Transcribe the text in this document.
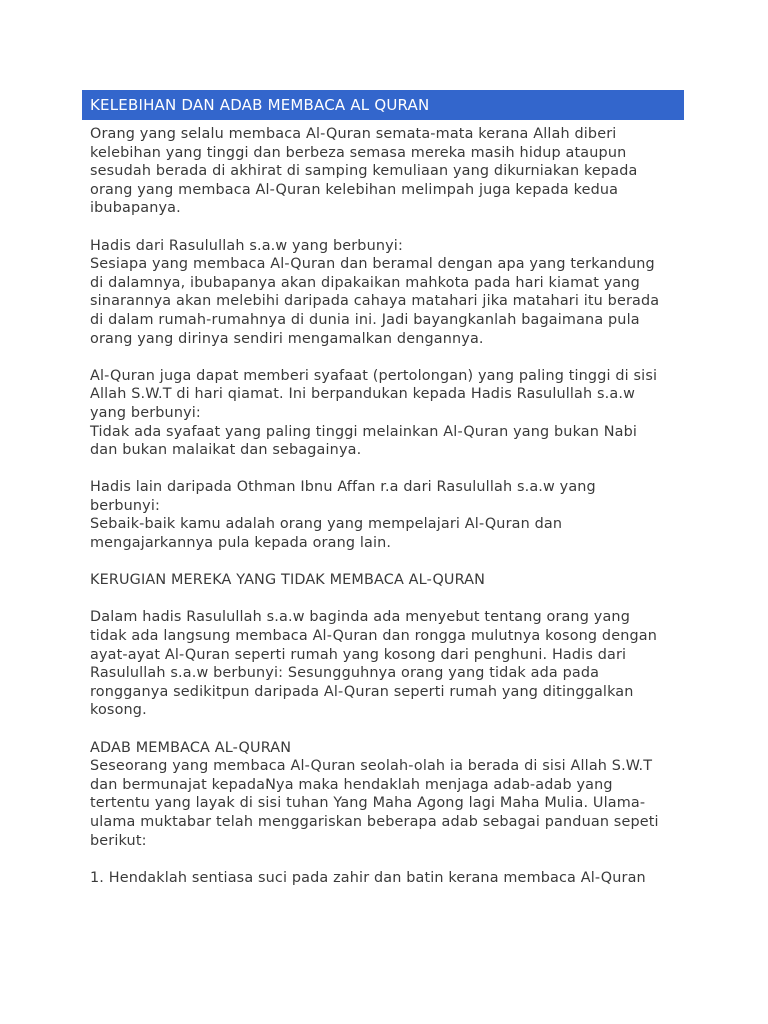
KELEBIHAN DAN ADAB MEMBACA AL QURAN

Orang yang selalu membaca Al-Quran semata-mata kerana Allah diberi
kelebihan yang tinggi dan berbeza semasa mereka masih hidup ataupun
sesudah berada di akhirat di samping kemuliaan yang dikurniakan kepada
orang yang membaca Al-Quran kelebihan melimpah juga kepada kedua
ibubapanya.

Hadis dari Rasulullah s.a.w yang berbunyi:
Sesiapa yang membaca Al-Quran dan beramal dengan apa yang terkandung
di dalamnya, ibubapanya akan dipakaikan mahkota pada hari kiamat yang
sinarannya akan melebihi daripada cahaya matahari jika matahari itu berada
di dalam rumah-rumahnya di dunia ini. Jadi bayangkanlah bagaimana pula
orang yang dirinya sendiri mengamalkan dengannya.

Al-Quran juga dapat memberi syafaat (pertolongan) yang paling tinggi di sisi
Allah S.W.T di hari qiamat. Ini berpandukan kepada Hadis Rasulullah s.a.w
yang berbunyi:
Tidak ada syafaat yang paling tinggi melainkan Al-Quran yang bukan Nabi
dan bukan malaikat dan sebagainya.

Hadis lain daripada Othman Ibnu Affan r.a dari Rasulullah s.a.w yang
berbunyi:
Sebaik-baik kamu adalah orang yang mempelajari Al-Quran dan
mengajarkannya pula kepada orang lain.

KERUGIAN MEREKA YANG TIDAK MEMBACA AL-QURAN

Dalam hadis Rasulullah s.a.w baginda ada menyebut tentang orang yang
tidak ada langsung membaca Al-Quran dan rongga mulutnya kosong dengan
ayat-ayat Al-Quran seperti rumah yang kosong dari penghuni. Hadis dari
Rasulullah s.a.w berbunyi: Sesungguhnya orang yang tidak ada pada
rongganya sedikitpun daripada Al-Quran seperti rumah yang ditinggalkan
kosong.

ADAB MEMBACA AL-QURAN
Seseorang yang membaca Al-Quran seolah-olah ia berada di sisi Allah S.W.T
dan bermunajat kepadaNya maka hendaklah menjaga adab-adab yang
tertentu yang layak di sisi tuhan Yang Maha Agong lagi Maha Mulia. Ulama-
ulama muktabar telah menggariskan beberapa adab sebagai panduan sepeti
berikut:

1. Hendaklah sentiasa suci pada zahir dan batin kerana membaca Al-Quran
